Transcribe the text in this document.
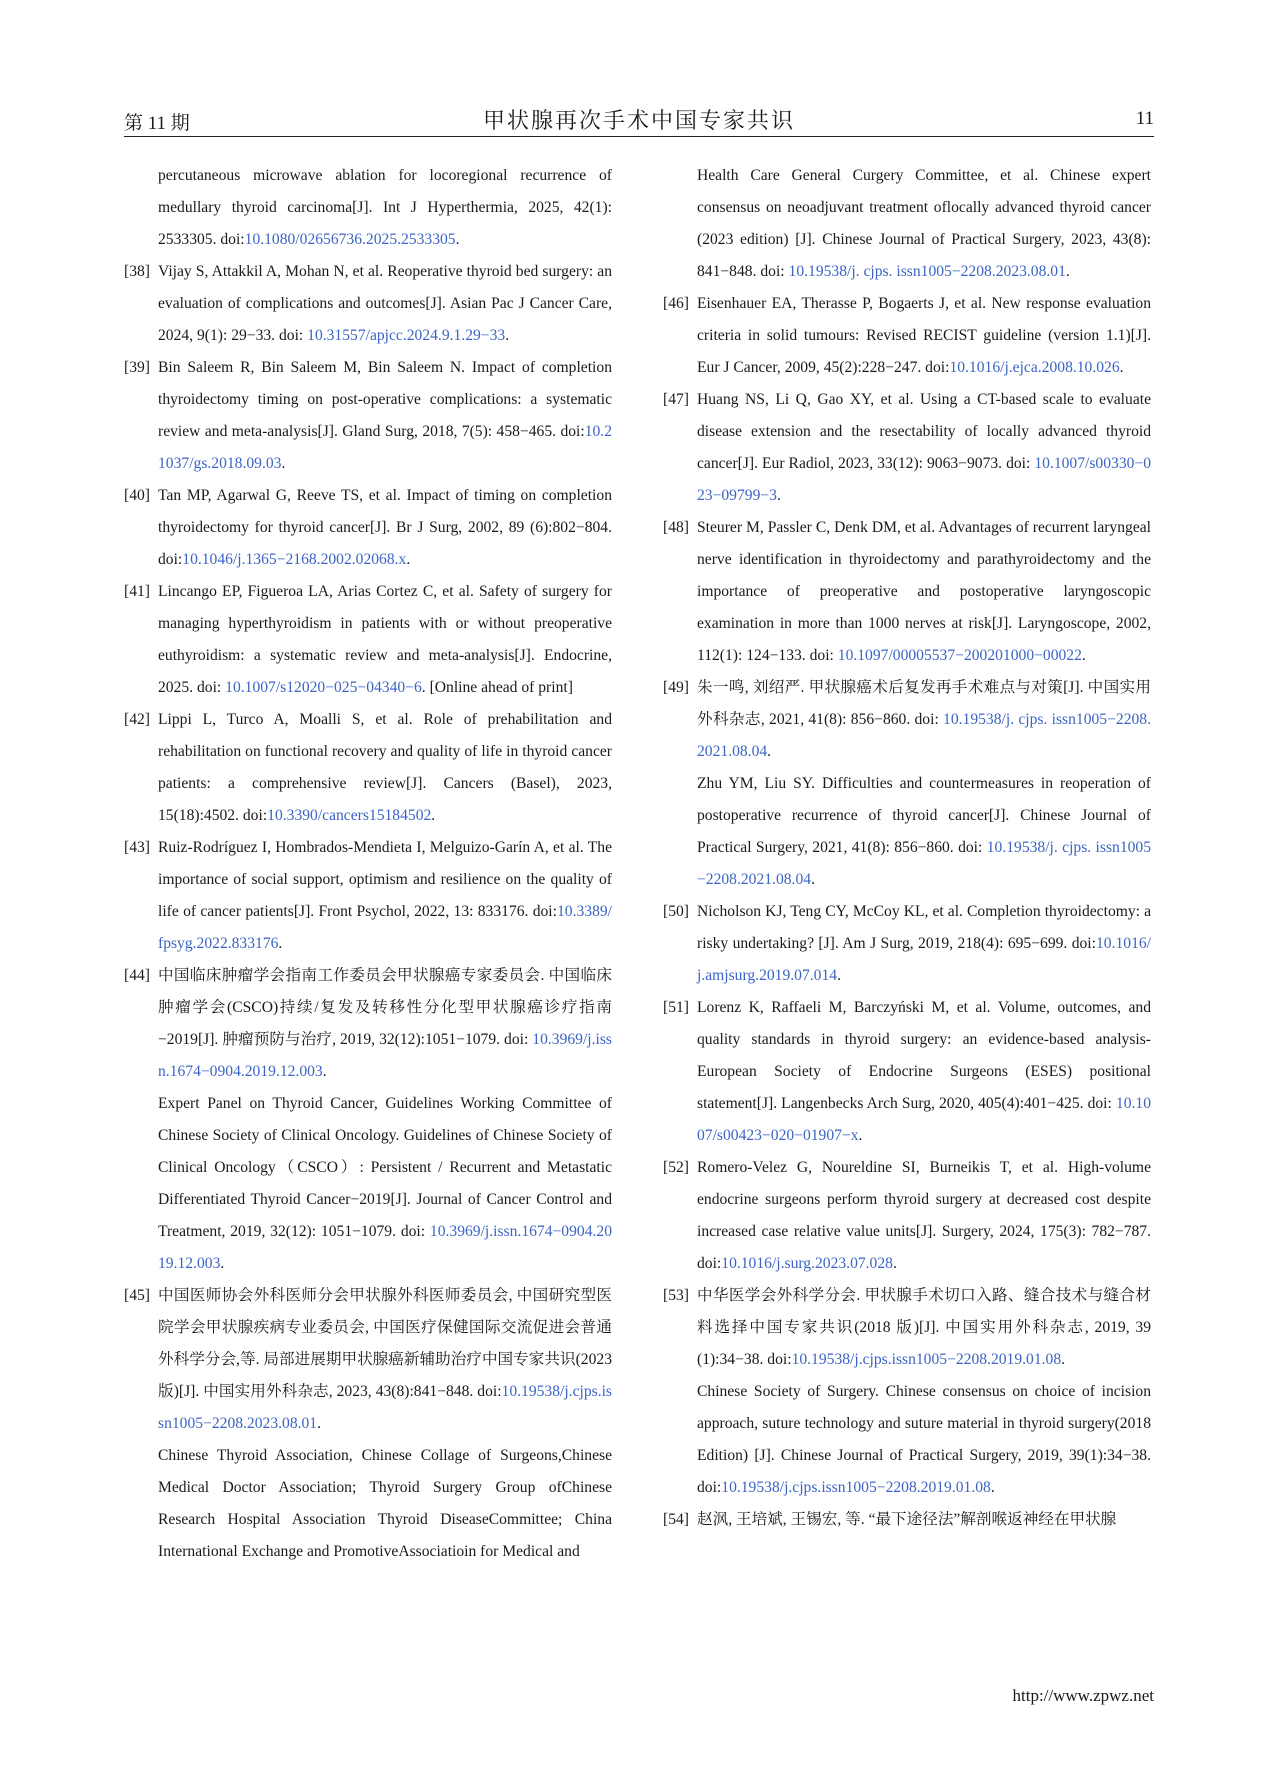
第 11 期	甲状腺再次手术中国专家共识	11
percutaneous microwave ablation for locoregional recurrence of medullary thyroid carcinoma[J]. Int J Hyperthermia, 2025, 42(1): 2533305. doi:10.1080/02656736.2025.2533305.
[38] Vijay S, Attakkil A, Mohan N, et al. Reoperative thyroid bed surgery: an evaluation of complications and outcomes[J]. Asian Pac J Cancer Care, 2024, 9(1): 29−33. doi: 10.31557/apjcc.2024.9.1.29−33.
[39] Bin Saleem R, Bin Saleem M, Bin Saleem N. Impact of completion thyroidectomy timing on post-operative complications: a systematic review and meta-analysis[J]. Gland Surg, 2018, 7(5): 458−465. doi:10.21037/gs.2018.09.03.
[40] Tan MP, Agarwal G, Reeve TS, et al. Impact of timing on completion thyroidectomy for thyroid cancer[J]. Br J Surg, 2002, 89 (6):802−804. doi:10.1046/j.1365−2168.2002.02068.x.
[41] Lincango EP, Figueroa LA, Arias Cortez C, et al. Safety of surgery for managing hyperthyroidism in patients with or without preoperative euthyroidism: a systematic review and meta-analysis[J]. Endocrine, 2025. doi: 10.1007/s12020−025−04340−6. [Online ahead of print]
[42] Lippi L, Turco A, Moalli S, et al. Role of prehabilitation and rehabilitation on functional recovery and quality of life in thyroid cancer patients: a comprehensive review[J]. Cancers (Basel), 2023, 15(18):4502. doi:10.3390/cancers15184502.
[43] Ruiz-Rodríguez I, Hombrados-Mendieta I, Melguizo-Garín A, et al. The importance of social support, optimism and resilience on the quality of life of cancer patients[J]. Front Psychol, 2022, 13: 833176. doi:10.3389/fpsyg.2022.833176.
[44] 中国临床肿瘤学会指南工作委员会甲状腺癌专家委员会. 中国临床肿瘤学会(CSCO)持续/复发及转移性分化型甲状腺癌诊疗指南−2019[J]. 肿瘤预防与治疗, 2019, 32(12):1051−1079. doi: 10.3969/j.issn.1674−0904.2019.12.003.
Expert Panel on Thyroid Cancer, Guidelines Working Committee of Chinese Society of Clinical Oncology. Guidelines of Chinese Society of Clinical Oncology（CSCO）: Persistent / Recurrent and Metastatic Differentiated Thyroid Cancer−2019[J]. Journal of Cancer Control and Treatment, 2019, 32(12): 1051−1079. doi: 10.3969/j.issn.1674−0904.2019.12.003.
[45] 中国医师协会外科医师分会甲状腺外科医师委员会, 中国研究型医院学会甲状腺疾病专业委员会, 中国医疗保健国际交流促进会普通外科学分会,等. 局部进展期甲状腺癌新辅助治疗中国专家共识(2023 版)[J]. 中国实用外科杂志, 2023, 43(8):841−848. doi:10.19538/j.cjps.issn1005−2208.2023.08.01.
Chinese Thyroid Association, Chinese Collage of Surgeons,Chinese Medical Doctor Association; Thyroid Surgery Group ofChinese Research Hospital Association Thyroid DiseaseCommittee; China International Exchange and PromotiveAssociatioin for Medical and
Health Care General Curgery Committee, et al. Chinese expert consensus on neoadjuvant treatment oflocally advanced thyroid cancer (2023 edition) [J]. Chinese Journal of Practical Surgery, 2023, 43(8): 841−848. doi: 10.19538/j. cjps. issn1005−2208.2023.08.01.
[46] Eisenhauer EA, Therasse P, Bogaerts J, et al. New response evaluation criteria in solid tumours: Revised RECIST guideline (version 1.1)[J]. Eur J Cancer, 2009, 45(2):228−247. doi:10.1016/j.ejca.2008.10.026.
[47] Huang NS, Li Q, Gao XY, et al. Using a CT-based scale to evaluate disease extension and the resectability of locally advanced thyroid cancer[J]. Eur Radiol, 2023, 33(12): 9063−9073. doi: 10.1007/s00330−023−09799−3.
[48] Steurer M, Passler C, Denk DM, et al. Advantages of recurrent laryngeal nerve identification in thyroidectomy and parathyroidectomy and the importance of preoperative and postoperative laryngoscopic examination in more than 1000 nerves at risk[J]. Laryngoscope, 2002, 112(1): 124−133. doi: 10.1097/00005537−200201000−00022.
[49] 朱一鸣, 刘绍严. 甲状腺癌术后复发再手术难点与对策[J]. 中国实用外科杂志, 2021, 41(8): 856−860. doi: 10.19538/j. cjps. issn1005−2208.2021.08.04.
Zhu YM, Liu SY. Difficulties and countermeasures in reoperation of postoperative recurrence of thyroid cancer[J]. Chinese Journal of Practical Surgery, 2021, 41(8): 856−860. doi: 10.19538/j. cjps. issn1005−2208.2021.08.04.
[50] Nicholson KJ, Teng CY, McCoy KL, et al. Completion thyroidectomy: a risky undertaking? [J]. Am J Surg, 2019, 218(4): 695−699. doi:10.1016/j.amjsurg.2019.07.014.
[51] Lorenz K, Raffaeli M, Barczyński M, et al. Volume, outcomes, and quality standards in thyroid surgery: an evidence-based analysis-European Society of Endocrine Surgeons (ESES) positional statement[J]. Langenbecks Arch Surg, 2020, 405(4):401−425. doi: 10.1007/s00423−020−01907−x.
[52] Romero-Velez G, Noureldine SI, Burneikis T, et al. High-volume endocrine surgeons perform thyroid surgery at decreased cost despite increased case relative value units[J]. Surgery, 2024, 175(3): 782−787. doi:10.1016/j.surg.2023.07.028.
[53] 中华医学会外科学分会. 甲状腺手术切口入路、缝合技术与缝合材料选择中国专家共识(2018 版)[J]. 中国实用外科杂志, 2019, 39 (1):34−38. doi:10.19538/j.cjps.issn1005−2208.2019.01.08.
Chinese Society of Surgery. Chinese consensus on choice of incision approach, suture technology and suture material in thyroid surgery(2018 Edition) [J]. Chinese Journal of Practical Surgery, 2019, 39(1):34−38. doi:10.19538/j.cjps.issn1005−2208.2019.01.08.
[54] 赵沨, 王培斌, 王锡宏, 等. “最下途径法”解剖喉返神经在甲状腺
http://www.zpwz.net
